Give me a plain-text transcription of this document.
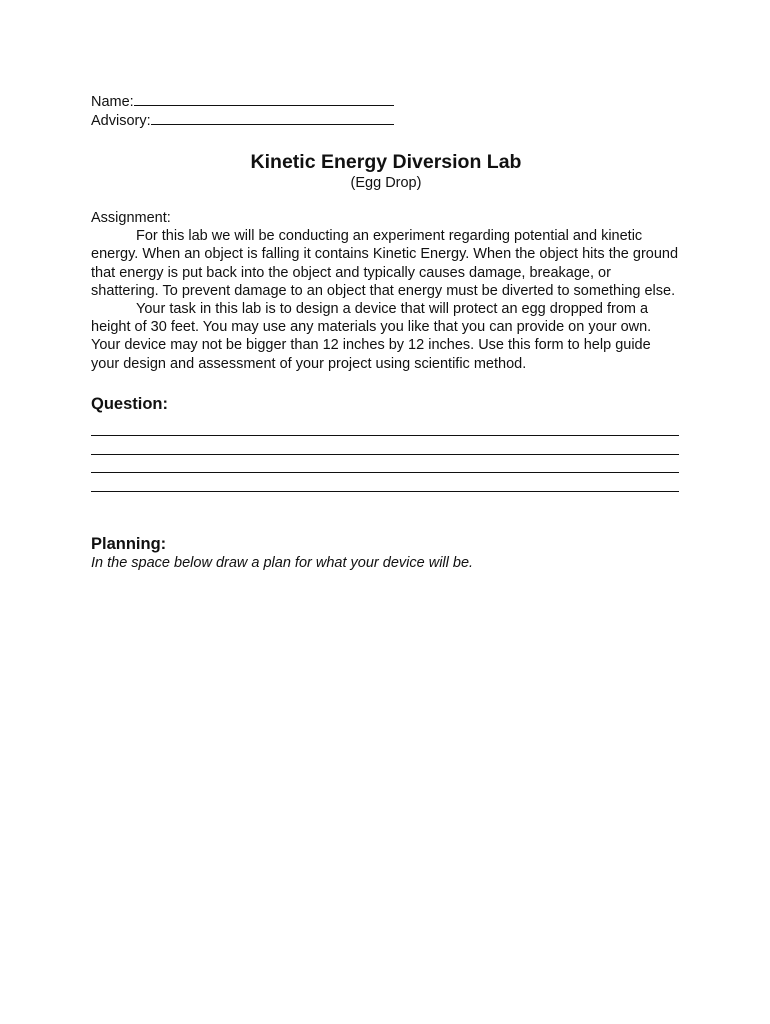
Name:
Advisory:
Kinetic Energy Diversion Lab
(Egg Drop)
Assignment:

For this lab we will be conducting an experiment regarding potential and kinetic energy. When an object is falling it contains Kinetic Energy. When the object hits the ground that energy is put back into the object and typically causes damage, breakage, or shattering. To prevent damage to an object that energy must be diverted to something else.

Your task in this lab is to design a device that will protect an egg dropped from a height of 30 feet. You may use any materials you like that you can provide on your own. Your device may not be bigger than 12 inches by 12 inches. Use this form to help guide your design and assessment of your project using scientific method.

Question:
Planning:
In the space below draw a plan for what your device will be.
